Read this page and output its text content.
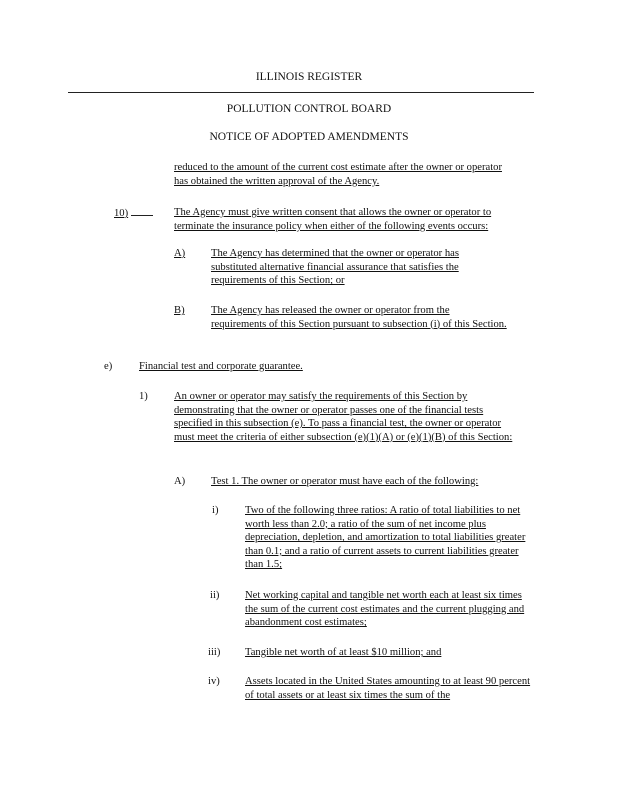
ILLINOIS REGISTER
POLLUTION CONTROL BOARD
NOTICE OF ADOPTED AMENDMENTS
reduced to the amount of the current cost estimate after the owner or operator has obtained the written approval of the Agency.
10)	The Agency must give written consent that allows the owner or operator to terminate the insurance policy when either of the following events occurs:
A) The Agency has determined that the owner or operator has substituted alternative financial assurance that satisfies the requirements of this Section; or
B) The Agency has released the owner or operator from the requirements of this Section pursuant to subsection (i) of this Section.
e)	Financial test and corporate guarantee.
1) An owner or operator may satisfy the requirements of this Section by demonstrating that the owner or operator passes one of the financial tests specified in this subsection (e). To pass a financial test, the owner or operator must meet the criteria of either subsection (e)(1)(A) or (e)(1)(B) of this Section:
A) Test 1. The owner or operator must have each of the following:
i)	Two of the following three ratios: A ratio of total liabilities to net worth less than 2.0; a ratio of the sum of net income plus depreciation, depletion, and amortization to total liabilities greater than 0.1; and a ratio of current assets to current liabilities greater than 1.5;
ii) Net working capital and tangible net worth each at least six times the sum of the current cost estimates and the current plugging and abandonment cost estimates;
iii) Tangible net worth of at least $10 million; and
iv) Assets located in the United States amounting to at least 90 percent of total assets or at least six times the sum of the
